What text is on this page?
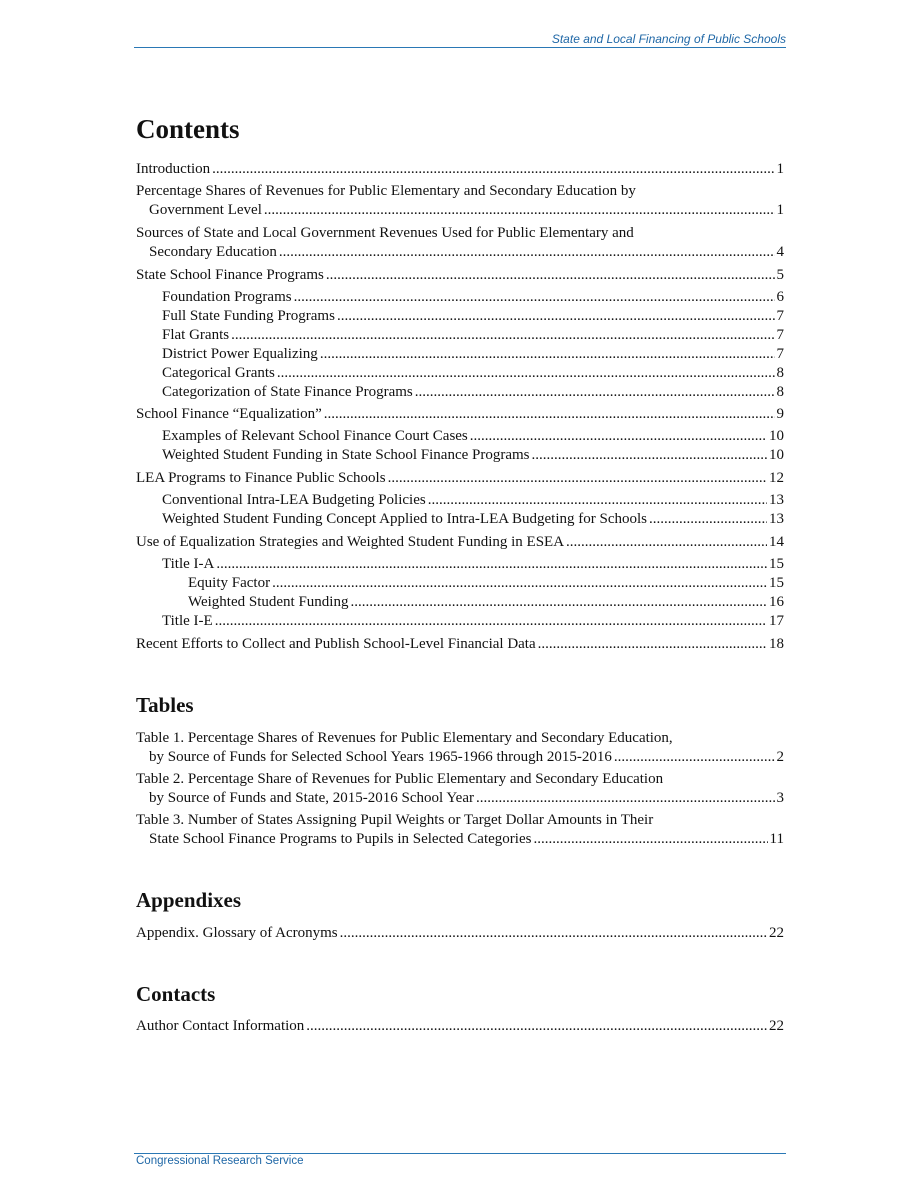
State and Local Financing of Public Schools
Contents
Introduction .....	1
Percentage Shares of Revenues for Public Elementary and Secondary Education by
Government Level .....	1
Sources of State and Local Government Revenues Used for Public Elementary and
Secondary Education .....	4
State School Finance Programs .....	5
Foundation Programs .....	6
Full State Funding Programs .....	7
Flat Grants .....	7
District Power Equalizing .....	7
Categorical Grants .....	8
Categorization of State Finance Programs .....	8
School Finance “Equalization” .....	9
Examples of Relevant School Finance Court Cases .....	10
Weighted Student Funding in State School Finance Programs .....	10
LEA Programs to Finance Public Schools .....	12
Conventional Intra-LEA Budgeting Policies .....	13
Weighted Student Funding Concept Applied to Intra-LEA Budgeting for Schools .....	13
Use of Equalization Strategies and Weighted Student Funding in ESEA .....	14
Title I-A .....	15
Equity Factor .....	15
Weighted Student Funding .....	16
Title I-E .....	17
Recent Efforts to Collect and Publish School-Level Financial Data .....	18
Tables
Table 1. Percentage Shares of Revenues for Public Elementary and Secondary Education,
by Source of Funds for Selected School Years 1965-1966 through 2015-2016 .....	2
Table 2. Percentage Share of Revenues for Public Elementary and Secondary Education
by Source of Funds and State, 2015-2016 School Year .....	3
Table 3. Number of States Assigning Pupil Weights or Target Dollar Amounts in Their
State School Finance Programs to Pupils in Selected Categories .....	11
Appendixes
Appendix. Glossary of Acronyms .....	22
Contacts
Author Contact Information .....	22
Congressional Research Service
